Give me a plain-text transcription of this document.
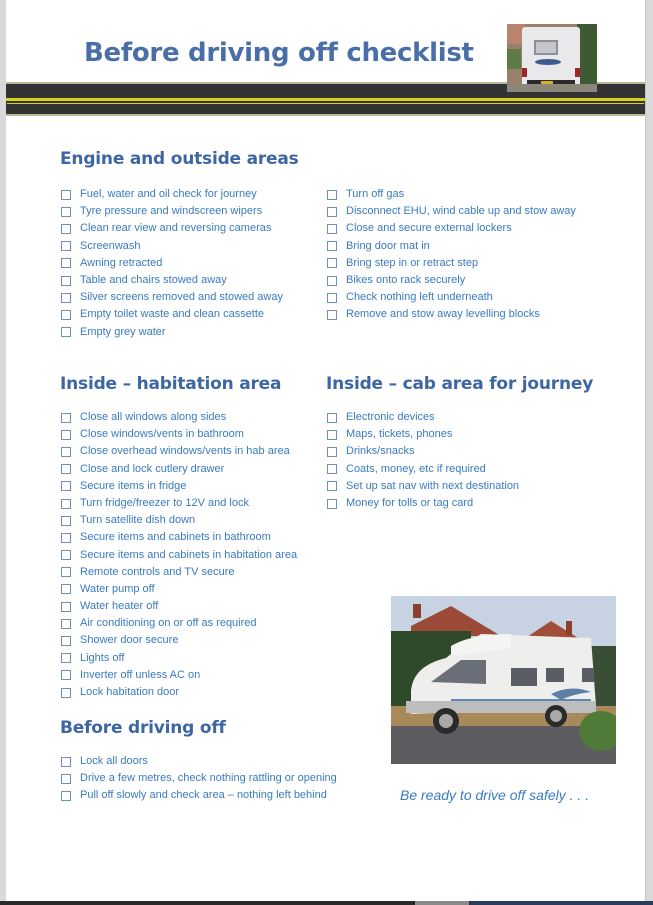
Before driving off checklist
Engine and outside areas
Fuel, water and oil check for journey
Tyre pressure and windscreen wipers
Clean rear view and reversing cameras
Screenwash
Awning retracted
Table and chairs stowed away
Silver screens removed and stowed away
Empty toilet waste and clean cassette
Empty grey water
Turn off gas
Disconnect EHU, wind cable up and stow away
Close and secure external lockers
Bring door mat in
Bring step in or retract step
Bikes onto rack securely
Check nothing left underneath
Remove and stow away levelling blocks
Inside – habitation area
Close all windows along sides
Close windows/vents in bathroom
Close overhead windows/vents in hab area
Close and lock cutlery drawer
Secure items in fridge
Turn fridge/freezer to 12V and lock
Turn satellite dish down
Secure items and cabinets in bathroom
Secure items and cabinets in habitation area
Remote controls and TV secure
Water pump off
Water heater off
Air conditioning on or off as required
Shower door secure
Lights off
Inverter off unless AC on
Lock habitation door
Inside – cab area for journey
Electronic devices
Maps, tickets, phones
Drinks/snacks
Coats, money, etc if required
Set up sat nav with next destination
Money for tolls or tag card
Before driving off
Lock all doors
Drive a few metres, check nothing rattling or opening
Pull off slowly and check area – nothing left behind	Be ready to drive off safely . . .
